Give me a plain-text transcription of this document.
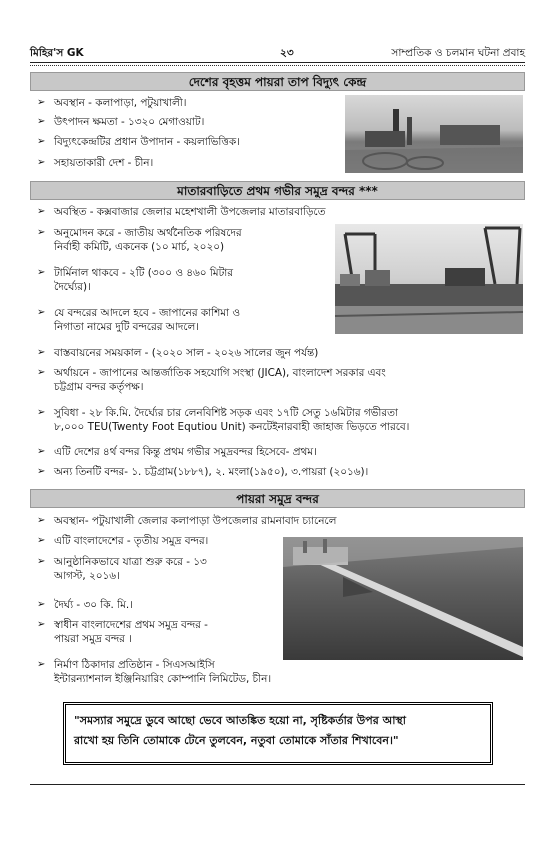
মিহির'স GK	২৩	সাম্প্রতিক ও চলমান ঘটনা প্রবাহ
দেশের বৃহত্তম পায়রা তাপ বিদ্যুৎ কেন্দ্র
➢ অবস্থান - কলাপাড়া, পটুয়াখালী।
➢ উৎপাদন ক্ষমতা - ১৩২০ মেগাওয়াট।
➢ বিদ্যুৎকেন্দ্রটির প্রধান উপাদান - কয়লাভিত্তিক।
➢ সহায়তাকারী দেশ - চীন।
মাতারবাড়িতে প্রথম গভীর সমুদ্র বন্দর ***
➢ অবস্থিত - কক্সবাজার জেলার মহেশখালী উপজেলার মাতারবাড়িতে
➢ অনুমোদন করে - জাতীয় অর্থনৈতিক পরিষদের
নির্বাহী কমিটি, একনেক (১০ মার্চ, ২০২০)
➢ টার্মিনাল থাকবে - ২টি (৩০০ ও ৪৬০ মিটার
দৈর্ঘ্যের)।
➢ যে বন্দরের আদলে হবে - জাপানের কাশিমা ও
নিগাতা নামের দুটি বন্দরের আদলে।
➢ বাস্তবায়নের সময়কাল - (২০২০ সাল - ২০২৬ সালের জুন পর্যন্ত)
➢ অর্থায়নে - জাপানের আন্তর্জাতিক সহযোগি সংস্থা (JICA), বাংলাদেশ সরকার এবং
চট্টগ্রাম বন্দর কর্তৃপক্ষ।
➢ সুবিধা - ২৮ কি.মি. দৈর্ঘ্যের চার লেনবিশিষ্ট সড়ক এবং ১৭টি সেতু ১৬মিটার গভীরতা
৮,০০০ TEU(Twenty Foot Equtiou Unit) কনটেইনারবাহী জাহাজ ভিড়তে পারবে।
➢ এটি দেশের ৪র্থ বন্দর কিন্তু প্রথম গভীর সমুদ্রবন্দর হিসেবে- প্রথম।
➢ অন্য তিনটি বন্দর- ১. চট্টগ্রাম(১৮৮৭), ২. মংলা(১৯৫০), ৩.পায়রা (২০১৬)।
পায়রা সমুদ্র বন্দর
➢ অবস্থান- পটুয়াখালী জেলার কলাপাড়া উপজেলার রামনাবাদ চ্যানেলে
➢ এটি বাংলাদেশের - তৃতীয় সমুদ্র বন্দর।
➢ আনুষ্ঠানিকভাবে যাত্রা শুরু করে - ১৩
আগস্ট, ২০১৬।
➢ দৈর্ঘ্য - ৩০ কি. মি.।
➢ স্বাধীন বাংলাদেশের প্রথম সমুদ্র বন্দর -
পায়রা সমুদ্র বন্দর ।
➢ নির্মাণ ঠিকাদার প্রতিষ্ঠান - সিএসআইসি
ইন্টারন্যাশনাল ইঞ্জিনিয়ারিং কোম্পানি লিমিটেড, চীন।
"সমস্যার সমুদ্রে ডুবে আছো ভেবে আতঙ্কিত হয়ো না, সৃষ্টিকর্তার উপর আস্থা
রাখো হয় তিনি তোমাকে টেনে তুলবেন, নতুবা তোমাকে সাঁতার শিখাবেন।"
